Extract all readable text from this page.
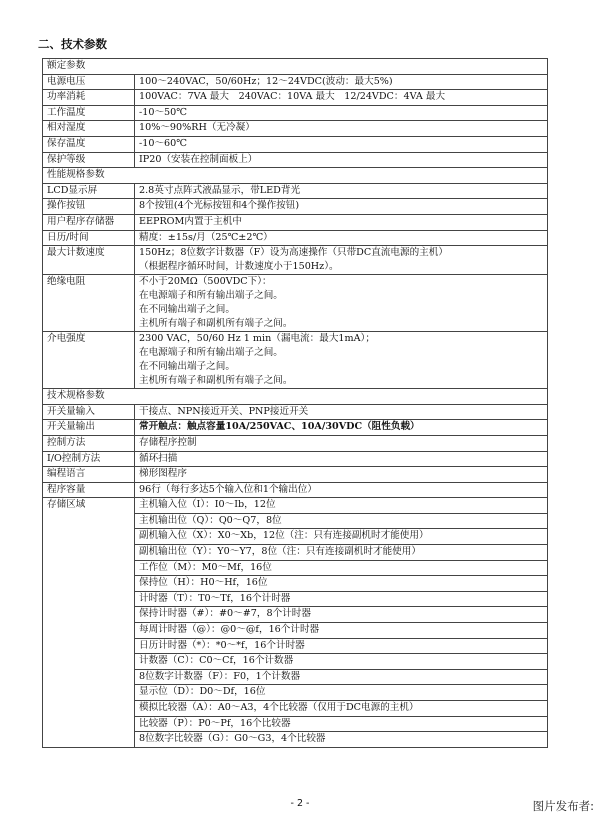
二、技术参数
额定参数	
电源电压	100～240VAC，50/60Hz；12～24VDC(波动：最大5%)

功率消耗	100VAC：7VA 最大　240VAC：10VA 最大　12/24VDC：4VA 最大

工作温度	-10～50℃

相对湿度	10%～90%RH（无冷凝）

保存温度	-10～60℃

保护等级	IP20（安装在控制面板上）

性能规格参数	
LCD显示屏	2.8英寸点阵式液晶显示，带LED背光

操作按钮	8个按钮(4个光标按钮和4个操作按钮)

用户程序存储器	EEPROM内置于主机中

日历/时间	精度：±15s/月（25℃±2℃）

最大计数速度	150Hz；8位数字计数器（F）设为高速操作（只带DC直流电源的主机）
（根据程序循环时间，计数速度小于150Hz）。

绝缘电阻	不小于20MΩ（500VDC下）：
在电源端子和所有输出端子之间。
在不同输出端子之间。
主机所有端子和副机所有端子之间。

介电强度	2300 VAC，50/60 Hz 1 min（漏电流：最大1mA）；
在电源端子和所有输出端子之间。
在不同输出端子之间。
主机所有端子和副机所有端子之间。

技术规格参数	
开关量输入	干接点、NPN接近开关、PNP接近开关

开关量输出	常开触点：触点容量10A/250VAC、10A/30VDC（阻性负载）

控制方法	存储程序控制

I/O控制方法	循环扫描

编程语言	梯形图程序

程序容量	96行（每行多达5个输入位和1个输出位）

存储区域	主机输入位（I）：I0～Ib，12位
	主机输出位（Q）：Q0～Q7，8位
	副机输入位（X）：X0～Xb，12位（注：只有连接副机时才能使用）
	副机输出位（Y）：Y0～Y7，8位（注：只有连接副机时才能使用）
	工作位（M）：M0～Mf，16位
	保持位（H）：H0～Hf，16位
	计时器（T）：T0～Tf，16个计时器
	保持计时器（#）：#0～#7，8个计时器
	每周计时器（@）：@0～@f，16个计时器
	日历计时器（*）：*0～*f，16个计时器
	计数器（C）：C0～Cf，16个计数器
	8位数字计数器（F）：F0，1个计数器
	显示位（D）：D0～Df，16位
	模拟比较器（A）：A0～A3，4个比较器（仅用于DC电源的主机）
	比较器（P）：P0～Pf，16个比较器
	8位数字比较器（G）：G0～G3，4个比较器
- 2 -	图片发布者:
